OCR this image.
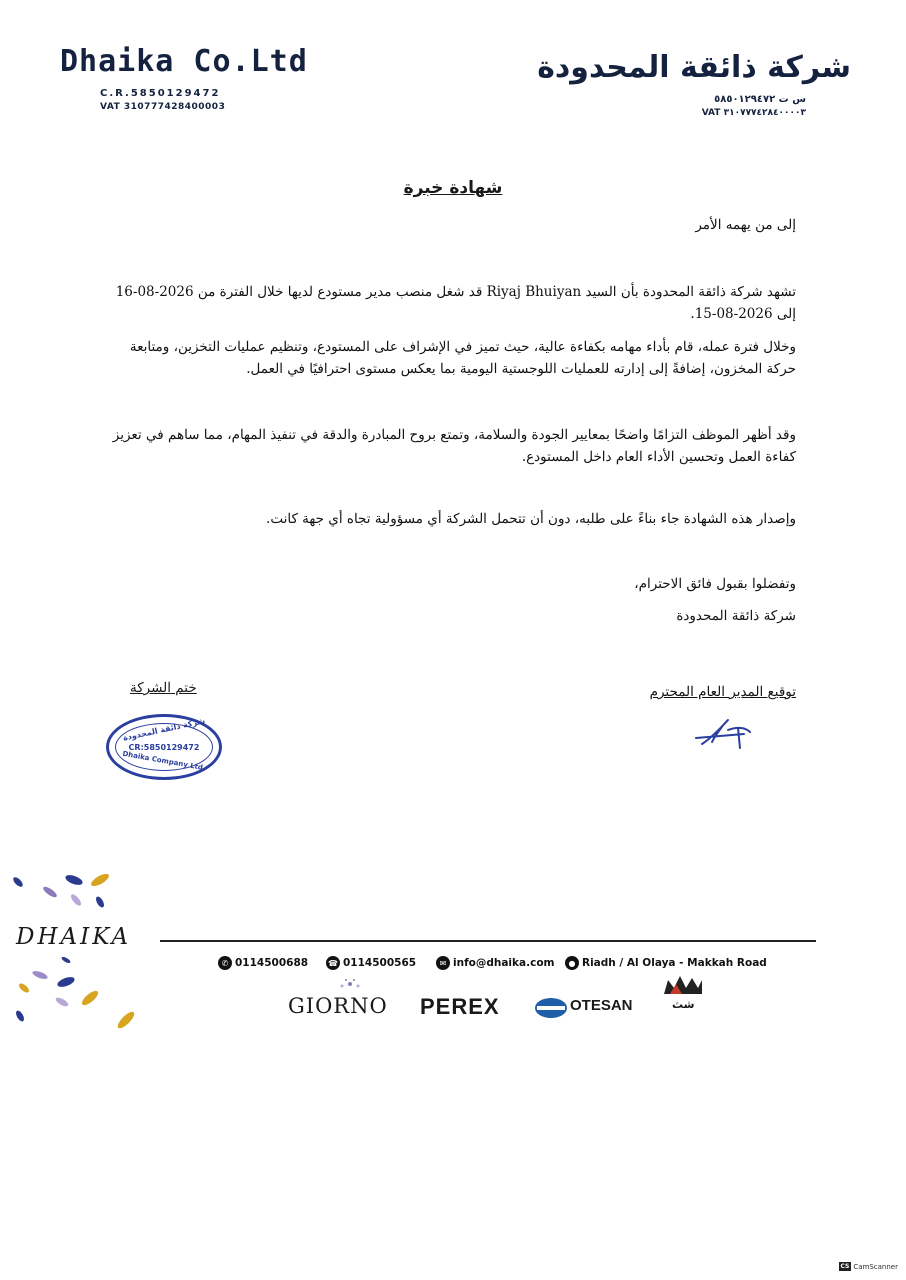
Dhaika Co.Ltd
C.R.5850129472
VAT 310777428400003
شركة ذائقة المحدودة
س ت ٥٨٥٠١٢٩٤٧٢
VAT ٣١٠٧٧٧٤٢٨٤٠٠٠٠٣
شهادة خبرة
إلى من يهمه الأمر
تشهد شركة ذائقة المحدودة بأن السيد Riyaj Bhuiyan قد شغل منصب مدير مستودع لديها خلال الفترة من 2026-08-16 إلى 2026-08-15.
وخلال فترة عمله، قام بأداء مهامه بكفاءة عالية، حيث تميز في الإشراف على المستودع، وتنظيم عمليات التخزين، ومتابعة حركة المخزون، إضافةً إلى إدارته للعمليات اللوجستية اليومية بما يعكس مستوى احترافيًا في العمل.
وقد أظهر الموظف التزامًا واضحًا بمعايير الجودة والسلامة، وتمتع بروح المبادرة والدقة في تنفيذ المهام، مما ساهم في تعزيز كفاءة العمل وتحسين الأداء العام داخل المستودع.
وإصدار هذه الشهادة جاء بناءً على طلبه، دون أن تتحمل الشركة أي مسؤولية تجاه أي جهة كانت.
وتفضلوا بقبول فائق الاحترام،
شركة ذائقة المحدودة
توقيع المدير العام المحترم
ختم الشركة
شركة ذائقة المحدودة
CR:5850129472
Dhaika Company Ltd.
DHAIKA
✆ 0114500688 ☎ 0114500565	✉ info@dhaika.com	● Riadh / Al Olaya - Makkah Road
GIORNO PEREX	OTESAN	شث
CS CamScanner
